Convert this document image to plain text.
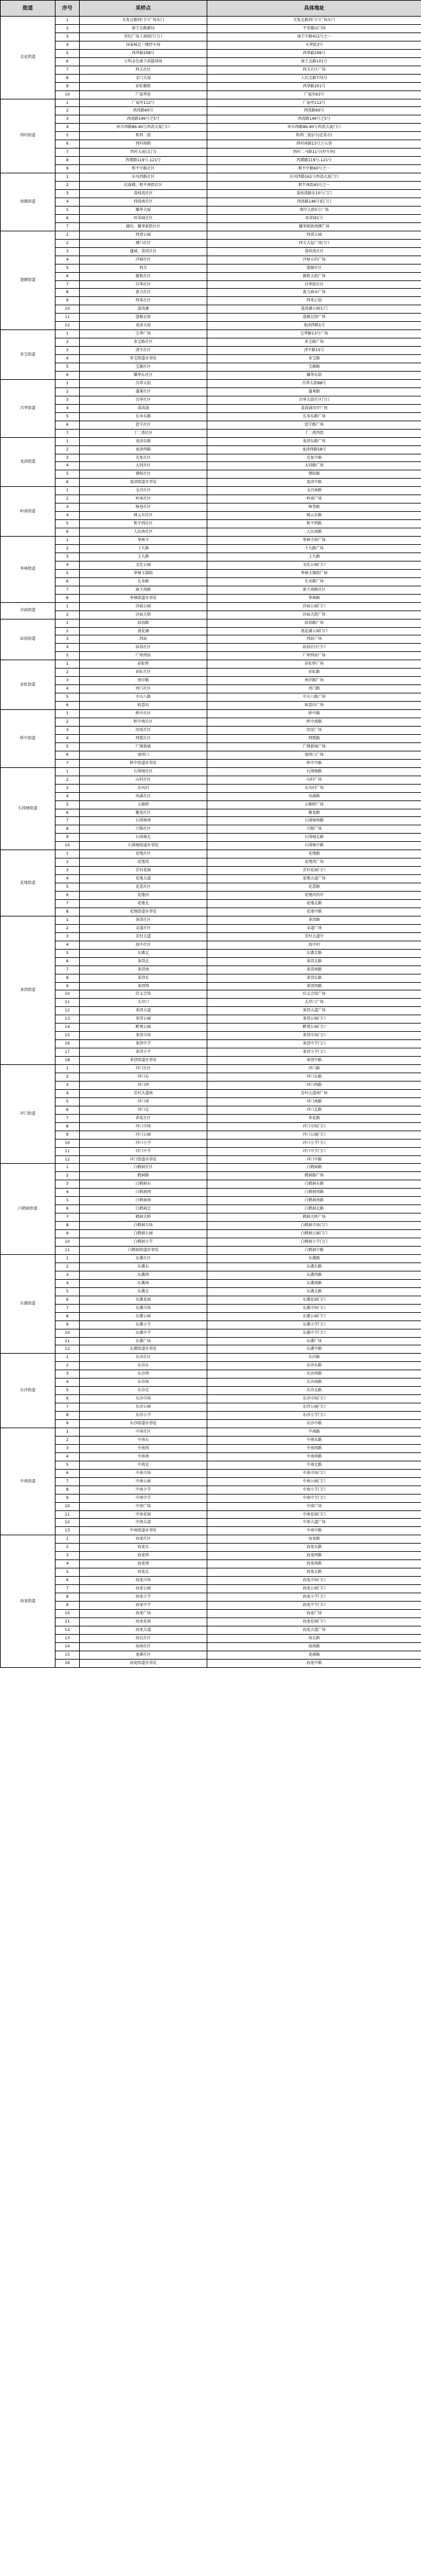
街道	序号	采样点	具体地址
金花街道	1	光复北路西门口广场东门	光复北路西门口广场东门
	2	康王北路邮局	平安邮局门前
	3	世纪广场工商银行门口	康王中路415号之一
	4	国泰城北一楼停车场	天华街3号
	5	西华路208号	西华路208号
	6	万科金色康王前篮球场	康王北路101号
	7	西关社区	西关社区广场
	8	金门大厦	人民北路775号
	9	彩虹颐院	西华路201号
	10	广福华庭	广福里63号
西村街道	1	广福里112号	广福里112号
	2	西湾路60号	西湾路60号
	3	西湾路146号之5号	西湾路146号之5号
	4	环市西路86-90号西湾大厦门口	环市西路86-90号西湾大厦门口
	5	和西二街	和西二街2号(近菜市)
	6	西村南路	西村南路15号之五巷
	7	西村大厦(北门)	西村二马路11号(停车场)
	8	西增路119号-121号	西增路119号-121号
	9	和平中路社区	和平中路60号之一
南源街道	1	东风西路社区	东风西路161号西湾大厦门口
	2	民族楼、和平南街社区	和平南街45号之一
	3	荔枝湾社区	荔枝湾路东10号门口
	4	西湾南社区	西湾路146号前门口
	5	耀华大厦	南岸大街5号广场
	6	环翠园社区	环翠园1号
	7	德坊、耀华新街社区	耀华新街南侧广场
逢源街道	1	西郊公园	西郊公园
	2	澳口社区	西关大屋广场门口
	3	蓬城、荔湾社区	荔枝湾社区
	4	泮塘社区	泮塘五约广场
	5	西关	逢源社区
	6	源胜社区	源胜大街广场
	7	昌华社区	昌华街社区
	8	富力社区	富力商业广场
	9	西来社区	西来正街
	10	荔湾湖	荔湾湖公园东门
	11	逢源北街	逢源北街广场
	12	龙津大厦	龙津西路1号
多宝街道	1	宝华广场	宝华路13号广场
	2	多宝路社区	多宝路广场
	3	清平社区	清平路15号
	4	多宝街道办事处	多宝路
	5	宝源社区	宝源路
	6	耀华东社区	耀华东街
昌华街道	1	昌华大街	昌华大街88号
	2	蓬莱社区	蓬莱路
	3	昌华社区	昌华大街社区门口
	4	荔湾涌	荔湾涌沿岸广场
	5	长寿东路	长寿东路广场
	6	恩宁社区	恩宁路广场
	7	十二甫社区	十二甫西街
龙津街道	1	龙津东路	龙津东路广场
	2	龙津西路	龙津西路58号
	3	光复社区	光复中路
	4	大同社区	大同路广场
	5	朝阳社区	朝阳路
	6	龙津街道办事处	龙津中路
岭南街道	1	文昌社区	文昌南路
	2	岭南社区	岭南广场
	3	杨巷社区	杨巷路
	4	梯云东社区	梯云东路
	5	和平西社区	和平西路
	6	人民南社区	人民南路
华林街道	1	华林寺	华林寺前广场
	2	下九路	下九路广场
	3	上九路	上九路
	4	文化公园	文化公园门口
	5	华林玉器街	华林玉器街广场
	6	长寿路	长寿路广场
	7	康王南路	康王南路社区
	8	华林街道办事处	华林路
沙面街道	1	沙面公园	沙面公园门口
	2	沙面大街	沙面大街广场
站前街道	1	站前路	站前路广场
	2	流花湖	流花湖公园门口
	3	西站	西站广场
	4	站前社区	站前社区门口
	5	广州西站	广州西站广场
彩虹街道	1	彩虹桥	彩虹桥广场
	2	彩虹社区	彩虹路
	3	南岸路	南岸路广场
	4	周门社区	周门路
	5	中山八路	中山八路广场
	6	如意坊	如意坊广场
桥中街道	1	桥中社区	桥中路
	2	桥中南社区	桥中南路
	3	坦尾社区	坦尾广场
	4	西塱社区	西塱路
	5	广钢新城	广钢新城广场
	6	塞坝口	塞坝口广场
	7	桥中街道办事处	桥中中路
石围塘街道	1	石围塘社区	石围塘路
	2	山村社区	山村广场
	3	东风村	东风村广场
	4	凤溪社区	凤溪路
	5	五眼桥	五眼桥广场
	6	聚龙社区	聚龙路
	7	石围塘南	石围塘南路
	8	兴隆社区	兴隆广场
	9	石围塘北	石围塘北路
	10	石围塘街道办事处	石围塘中路
花地街道	1	花地社区	花地路
	2	花地湾	花地湾广场
	3	芳村花园	芳村花园门口
	4	花地大道	花地大道广场
	5	花蕾社区	花蕾路
	6	花地河	花地河沿岸
	7	花地北	花地北路
	8	花地街道办事处	花地中路
茶滘街道	1	茶滘社区	茶滘路
	2	金道社区	金道广场
	3	芳村大道	芳村大道中
	4	海中社区	海中村
	5	东漖北	东漖北路
	6	茶滘北	茶滘北路
	7	茶滘南	茶滘南路
	8	茶滘东	茶滘东路
	9	茶滘西	茶滘西路
	10	信义会馆	信义会馆广场
	11	大冲口	大冲口广场
	12	茶滘大道	茶滘大道广场
	13	茶滘公园	茶滘公园门口
	14	醉观公园	醉观公园门口
	15	茶滘市场	茶滘市场门口
	16	茶滘中学	茶滘中学门口
	17	茶滘小学	茶滘小学门口
	18	茶滘街道办事处	茶滘中路
冲口街道	1	冲口社区	冲口路
	2	冲口东	冲口东路
	3	冲口西	冲口西路
	4	芳村大道南	芳村大道南广场
	5	冲口南	冲口南路
	6	冲口北	冲口北路
	7	杏花社区	杏花路
	8	冲口市场	冲口市场门口
	9	冲口公园	冲口公园门口
	10	冲口小学	冲口小学门口
	11	冲口中学	冲口中学门口
	12	冲口街道办事处	冲口中路
白鹤洞街道	1	白鹤洞社区	白鹤洞路
	2	鹤洞路	鹤洞路广场
	3	白鹤洞东	白鹤洞东路
	4	白鹤洞西	白鹤洞西路
	5	白鹤洞南	白鹤洞南路
	6	白鹤洞北	白鹤洞北路
	7	鹤洞大桥	鹤洞大桥广场
	8	白鹤洞市场	白鹤洞市场门口
	9	白鹤洞公园	白鹤洞公园门口
	10	白鹤洞小学	白鹤洞小学门口
	11	白鹤洞街道办事处	白鹤洞中路
东漖街道	1	东漖社区	东漖路
	2	东漖东	东漖东路
	3	东漖西	东漖西路
	4	东漖南	东漖南路
	5	东漖北	东漖北路
	6	东漖花园	东漖花园门口
	7	东漖市场	东漖市场门口
	8	东漖公园	东漖公园门口
	9	东漖小学	东漖小学门口
	10	东漖中学	东漖中学门口
	11	东漖广场	东漖广场
	12	东漖街道办事处	东漖中路
东沙街道	1	东沙社区	东沙路
	2	东沙东	东沙东路
	3	东沙西	东沙西路
	4	东沙南	东沙南路
	5	东沙北	东沙北路
	6	东沙市场	东沙市场门口
	7	东沙公园	东沙公园门口
	8	东沙小学	东沙小学门口
	9	东沙街道办事处	东沙中路
中南街道	1	中南社区	中南路
	2	中南东	中南东路
	3	中南西	中南西路
	4	中南南	中南南路
	5	中南北	中南北路
	6	中南市场	中南市场门口
	7	中南公园	中南公园门口
	8	中南小学	中南小学门口
	9	中南中学	中南中学门口
	10	中南广场	中南广场
	11	中南花园	中南花园门口
	12	中南大道	中南大道广场
	13	中南街道办事处	中南中路
海龙街道	1	海龙社区	海龙路
	2	海龙东	海龙东路
	3	海龙西	海龙西路
	4	海龙南	海龙南路
	5	海龙北	海龙北路
	6	海龙市场	海龙市场门口
	7	海龙公园	海龙公园门口
	8	海龙小学	海龙小学门口
	9	海龙中学	海龙中学门口
	10	海龙广场	海龙广场
	11	海龙花园	海龙花园门口
	12	海龙大道	海龙大道广场
	13	海北社区	海北路
	14	海南社区	海南路
	15	龙溪社区	龙溪路
	16	海龙街道办事处	海龙中路
